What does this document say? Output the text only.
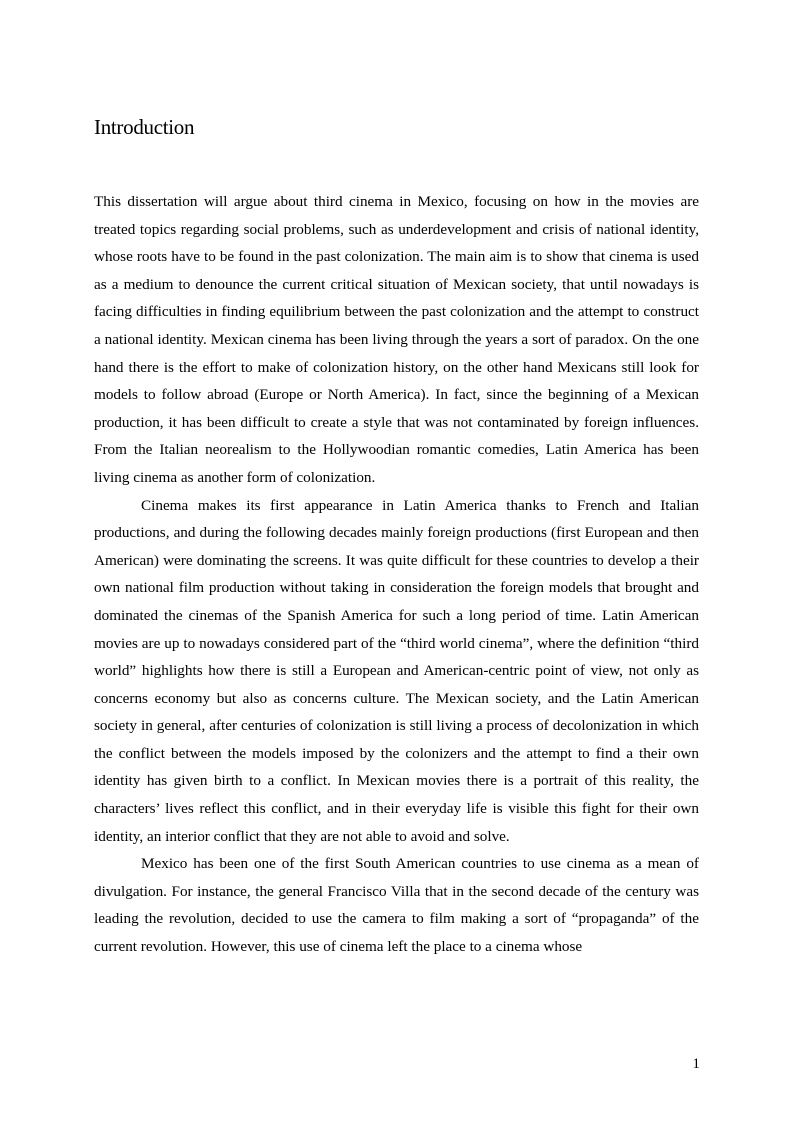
Introduction

This dissertation will argue about third cinema in Mexico, focusing on how in the movies are treated topics regarding social problems, such as underdevelopment and crisis of national identity, whose roots have to be found in the past colonization. The main aim is to show that cinema is used as a medium to denounce the current critical situation of Mexican society, that until nowadays is facing difficulties in finding equilibrium between the past colonization and the attempt to construct a national identity. Mexican cinema has been living through the years a sort of paradox. On the one hand there is the effort to make of colonization history, on the other hand Mexicans still look for models to follow abroad (Europe or North America). In fact, since the beginning of a Mexican production, it has been difficult to create a style that was not contaminated by foreign influences. From the Italian neorealism to the Hollywoodian romantic comedies, Latin America has been living cinema as another form of colonization.

Cinema makes its first appearance in Latin America thanks to French and Italian productions, and during the following decades mainly foreign productions (first European and then American) were dominating the screens. It was quite difficult for these countries to develop a their own national film production without taking in consideration the foreign models that brought and dominated the cinemas of the Spanish America for such a long period of time. Latin American movies are up to nowadays considered part of the “third world cinema”, where the definition “third world” highlights how there is still a European and American-centric point of view, not only as concerns economy but also as concerns culture. The Mexican society, and the Latin American society in general, after centuries of colonization is still living a process of decolonization in which the conflict between the models imposed by the colonizers and the attempt to find a their own identity has given birth to a conflict. In Mexican movies there is a portrait of this reality, the characters’ lives reflect this conflict, and in their everyday life is visible this fight for their own identity, an interior conflict that they are not able to avoid and solve.

Mexico has been one of the first South American countries to use cinema as a mean of divulgation. For instance, the general Francisco Villa that in the second decade of the century was leading the revolution, decided to use the camera to film making a sort of “propaganda” of the current revolution. However, this use of cinema left the place to a cinema whose

1
